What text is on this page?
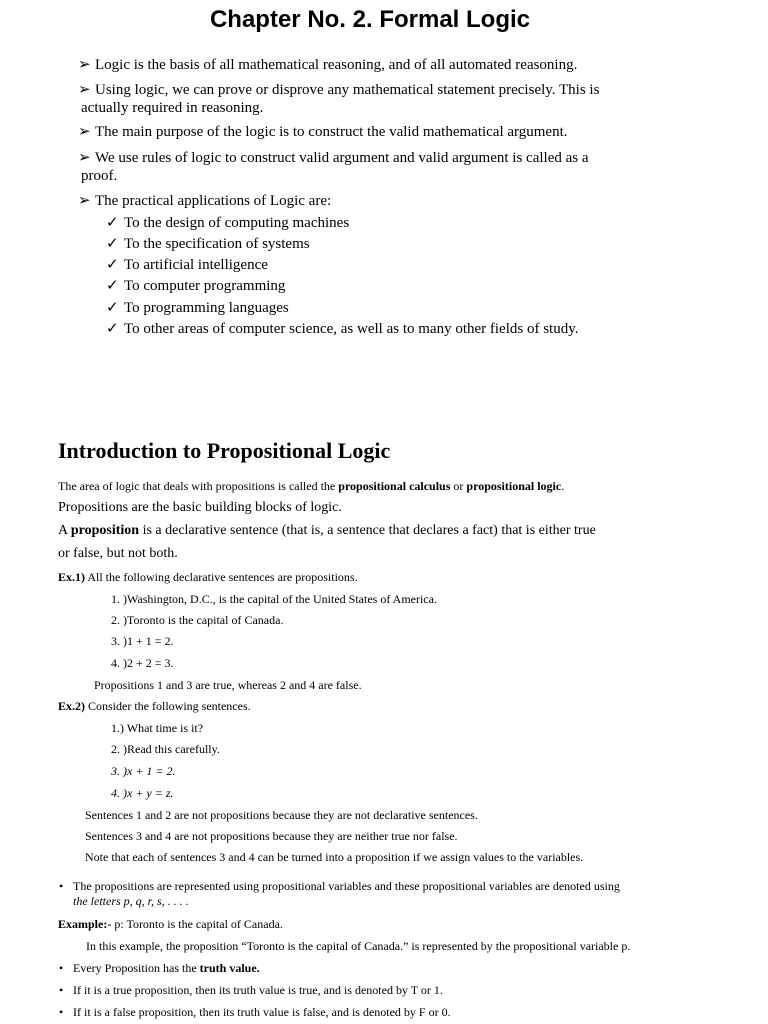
Chapter No. 2. Formal Logic
➢ Logic is the basis of all mathematical reasoning, and of all automated reasoning.
➢ Using logic, we can prove or disprove any mathematical statement precisely. This is
actually required in reasoning.
➢ The main purpose of the logic is to construct the valid mathematical argument.
➢ We use rules of logic to construct valid argument and valid argument is called as a
proof.
➢ The practical applications of Logic are:
✓ To the design of computing machines
✓ To the specification of systems
✓ To artificial intelligence
✓ To computer programming
✓ To programming languages
✓ To other areas of computer science, as well as to many other fields of study.
Introduction to Propositional Logic
The area of logic that deals with propositions is called the propositional calculus or propositional logic.
Propositions are the basic building blocks of logic.
A proposition is a declarative sentence (that is, a sentence that declares a fact) that is either true
or false, but not both.
Ex.1) All the following declarative sentences are propositions.
1. )Washington, D.C., is the capital of the United States of America.
2. )Toronto is the capital of Canada.
3. )1 + 1 = 2.
4. )2 + 2 = 3.
Propositions 1 and 3 are true, whereas 2 and 4 are false.
Ex.2) Consider the following sentences.
1.) What time is it?
2. )Read this carefully.
3. )x + 1 = 2.
4. )x + y = z.
Sentences 1 and 2 are not propositions because they are not declarative sentences.
Sentences 3 and 4 are not propositions because they are neither true nor false.
Note that each of sentences 3 and 4 can be turned into a proposition if we assign values to the variables.
• The propositions are represented using propositional variables and these propositional variables are denoted using
the letters p, q, r, s, . . . .
Example:- p: Toronto is the capital of Canada.
In this example, the proposition “Toronto is the capital of Canada.” is represented by the propositional variable p.
• Every Proposition has the truth value.
• If it is a true proposition, then its truth value is true, and is denoted by T or 1.
• If it is a false proposition, then its truth value is false, and is denoted by F or 0.
